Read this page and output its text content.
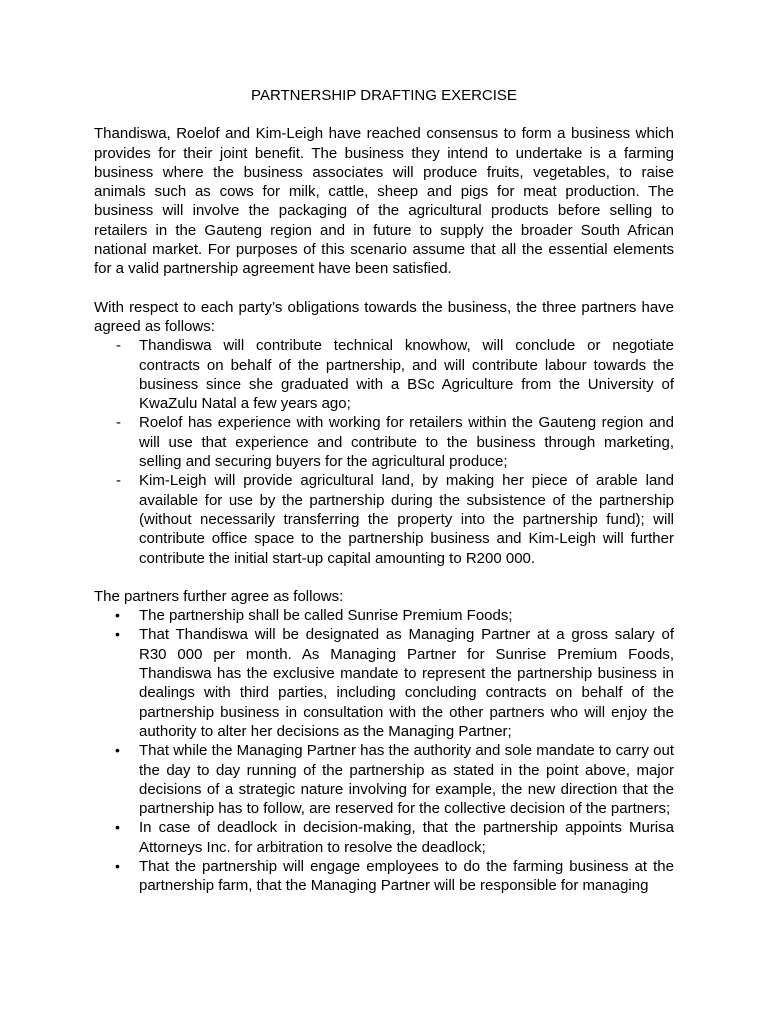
PARTNERSHIP DRAFTING EXERCISE

Thandiswa, Roelof and Kim-Leigh have reached consensus to form a business which provides for their joint benefit. The business they intend to undertake is a farming business where the business associates will produce fruits, vegetables, to raise animals such as cows for milk, cattle, sheep and pigs for meat production. The business will involve the packaging of the agricultural products before selling to retailers in the Gauteng region and in future to supply the broader South African national market. For purposes of this scenario assume that all the essential elements for a valid partnership agreement have been satisfied.

With respect to each party’s obligations towards the business, the three partners have agreed as follows:

- Thandiswa will contribute technical knowhow, will conclude or negotiate contracts on behalf of the partnership, and will contribute labour towards the business since she graduated with a BSc Agriculture from the University of KwaZulu Natal a few years ago;
- Roelof has experience with working for retailers within the Gauteng region and will use that experience and contribute to the business through marketing, selling and securing buyers for the agricultural produce;
- Kim-Leigh will provide agricultural land, by making her piece of arable land available for use by the partnership during the subsistence of the partnership (without necessarily transferring the property into the partnership fund); will contribute office space to the partnership business and Kim-Leigh will further contribute the initial start-up capital amounting to R200 000.

The partners further agree as follows:

• The partnership shall be called Sunrise Premium Foods;
• That Thandiswa will be designated as Managing Partner at a gross salary of R30 000 per month. As Managing Partner for Sunrise Premium Foods, Thandiswa has the exclusive mandate to represent the partnership business in dealings with third parties, including concluding contracts on behalf of the partnership business in consultation with the other partners who will enjoy the authority to alter her decisions as the Managing Partner;
• That while the Managing Partner has the authority and sole mandate to carry out the day to day running of the partnership as stated in the point above, major decisions of a strategic nature involving for example, the new direction that the partnership has to follow, are reserved for the collective decision of the partners;
• In case of deadlock in decision-making, that the partnership appoints Murisa Attorneys Inc. for arbitration to resolve the deadlock;
• That the partnership will engage employees to do the farming business at the partnership farm, that the Managing Partner will be responsible for managing
